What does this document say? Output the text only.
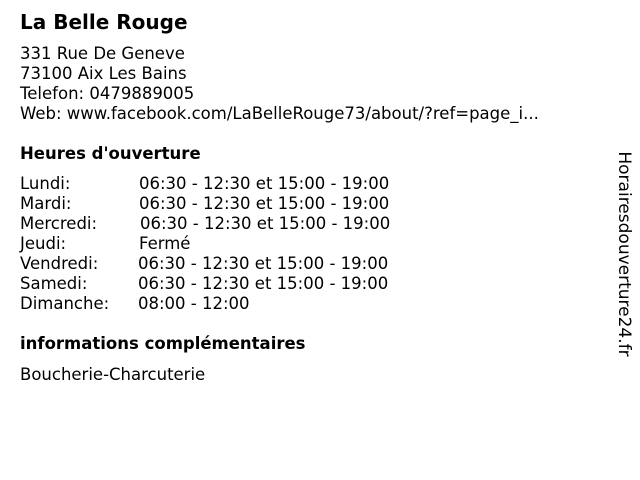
La Belle Rouge
331 Rue De Geneve
73100 Aix Les Bains
Telefon: 0479889005
Web: www.facebook.com/LaBelleRouge73/about/?ref=page_i...
Heures d'ouverture
Lundi:	06:30 - 12:30 et 15:00 - 19:00
Mardi:	06:30 - 12:30 et 15:00 - 19:00
Mercredi:	06:30 - 12:30 et 15:00 - 19:00
Jeudi:	Fermé
Vendredi: 06:30 - 12:30 et 15:00 - 19:00
Samedi:	06:30 - 12:30 et 15:00 - 19:00
Dimanche: 08:00 - 12:00
informations complémentaires
Boucherie-Charcuterie
Horairesdouverture24.fr
